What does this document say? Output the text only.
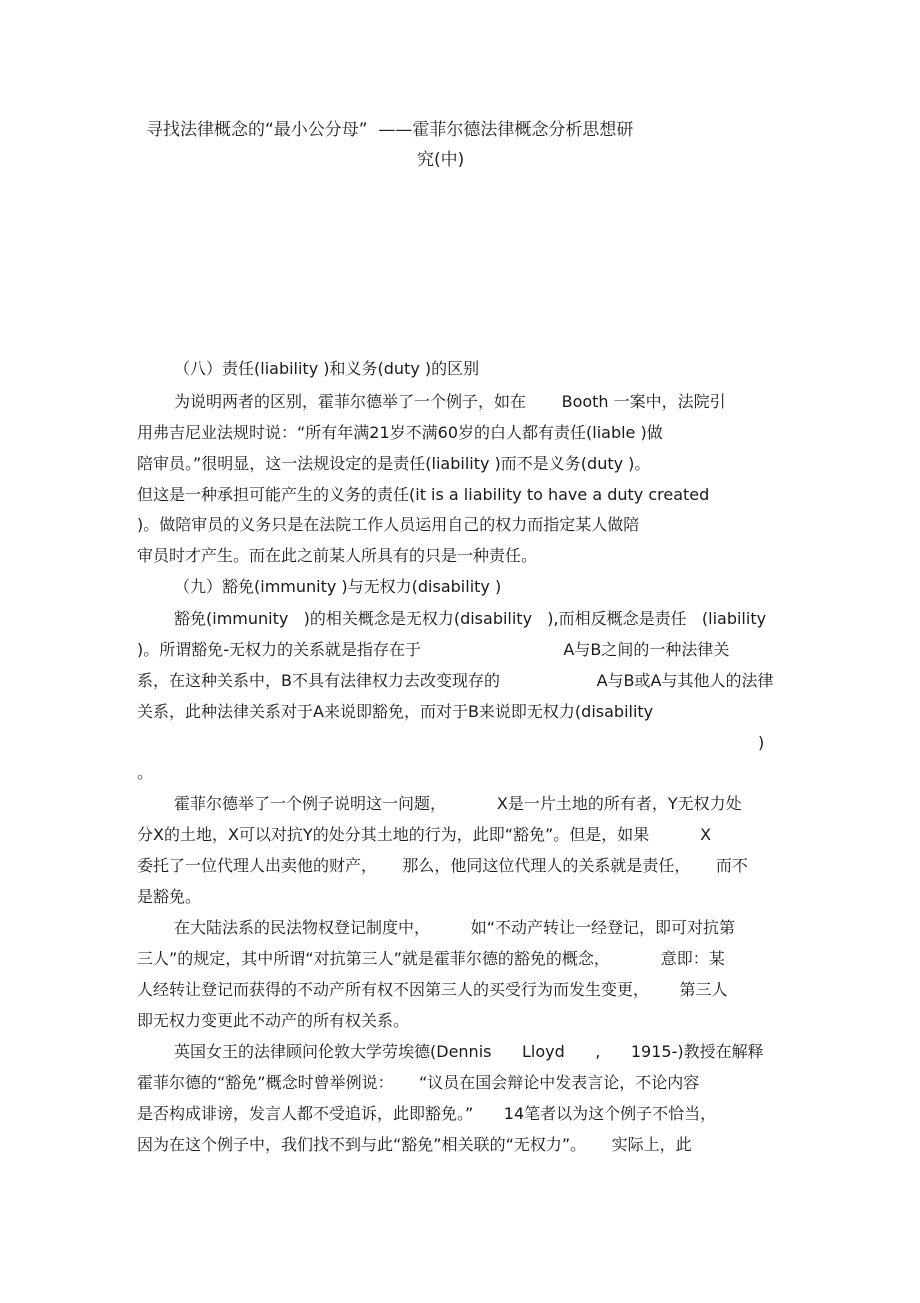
寻找法律概念的“最小公分母”  ——霍菲尔德法律概念分析思想研
究(中)
（八）责任(liability )和义务(duty )的区别
为说明两者的区别，霍菲尔德举了一个例子，如在       Booth 一案中，法院引
用弗吉尼业法规时说：“所有年满21岁不满60岁的白人都有责任(liable )做
陪审员。”很明显，这一法规设定的是责任(liability )而不是义务(duty )。
但这是一种承担可能产生的义务的责任(it is a liability to have a duty created
)。做陪审员的义务只是在法院工作人员运用自己的权力而指定某人做陪
审员时才产生。而在此之前某人所具有的只是一种责任。
（九）豁免(immunity )与无权力(disability )
豁免(immunity   )的相关概念是无权力(disability   ),而相反概念是责任   (liability
)。所谓豁免-无权力的关系就是指存在于                            A与B之间的一种法律关
系，在这种关系中，B不具有法律权力去改变现存的                   A与B或A与其他人的法律
关系，此种法律关系对于A来说即豁免，而对于B来说即无权力(disability
)
。
霍菲尔德举了一个例子说明这一问题，          X是一片土地的所有者，Y无权力处
分X的土地，X可以对抗Y的处分其土地的行为，此即“豁免”。但是，如果          X
委托了一位代理人出卖他的财产，     那么，他同这位代理人的关系就是责任，     而不
是豁免。
在大陆法系的民法物权登记制度中，        如“不动产转让一经登记，即可对抗第
三人”的规定，其中所谓“对抗第三人”就是霍菲尔德的豁免的概念，          意即：某
人经转让登记而获得的不动产所有权不因第三人的买受行为而发生变更，      第三人
即无权力变更此不动产的所有权关系。
英国女王的法律顾问伦敦大学劳埃德(Dennis      Lloyd      ,      1915-)教授在解释
霍菲尔德的“豁免”概念时曾举例说：     “议员在国会辩论中发表言论，不论内容
是否构成诽谤，发言人都不受追诉，此即豁免。”      14笔者以为这个例子不恰当，
因为在这个例子中，我们找不到与此“豁免”相关联的“无权力”。     实际上，此
